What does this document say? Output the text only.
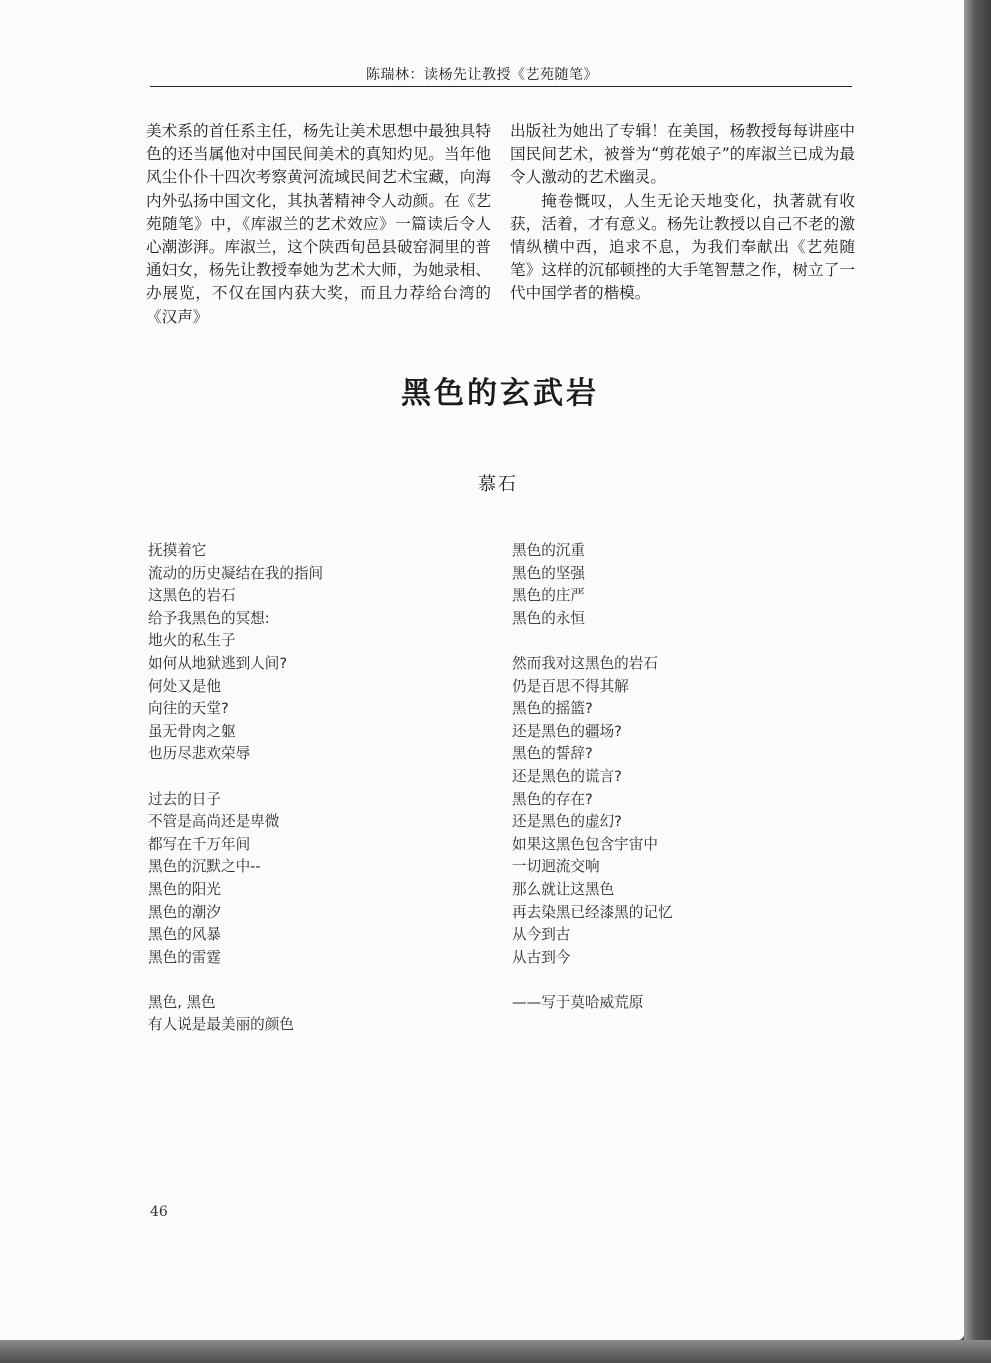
陈瑞林：读杨先让教授《艺苑随笔》

美术系的首任系主任，杨先让美术思想中最独具特色的还当属他对中国民间美术的真知灼见。当年他风尘仆仆十四次考察黄河流域民间艺术宝藏，向海内外弘扬中国文化，其执著精神令人动颜。在《艺苑随笔》中，《库淑兰的艺术效应》一篇读后令人心潮澎湃。库淑兰，这个陕西旬邑县破窑洞里的普通妇女，杨先让教授奉她为艺术大师，为她录相、办展览，不仅在国内获大奖，而且力荐给台湾的《汉声》

出版社为她出了专辑！在美国，杨教授每每讲座中国民间艺术，被誉为“剪花娘子”的库淑兰已成为最令人激动的艺术幽灵。

掩卷慨叹，人生无论天地变化，执著就有收获，活着，才有意义。杨先让教授以自己不老的激 情纵横中西，追求不息，为我们奉献出《艺苑随笔》这样的沉郁顿挫的大手笔智慧之作，树立了一代中国学者的楷模。

黑色的玄武岩
慕石
抚摸着它
流动的历史凝结在我的指间
这黑色的岩石
给予我黑色的冥想:
地火的私生子
如何从地狱逃到人间?
何处又是他
向往的天堂?
虽无骨肉之躯
也历尽悲欢荣辱
过去的日子
不管是高尚还是卑微
都写在千万年间
黑色的沉默之中--
黑色的阳光
黑色的潮汐
黑色的风暴
黑色的雷霆
黑色, 黑色
有人说是最美丽的颜色
黑色的沉重
黑色的坚强
黑色的庄严
黑色的永恒
然而我对这黑色的岩石
仍是百思不得其解
黑色的摇篮?
还是黑色的疆场?
黑色的誓辞?
还是黑色的谎言?
黑色的存在?
还是黑色的虚幻?
如果这黑色包含宇宙中
一切迥流交响
那么就让这黑色
再去染黑已经漆黑的记忆
从今到古
从古到今
——写于莫哈威荒原
46
